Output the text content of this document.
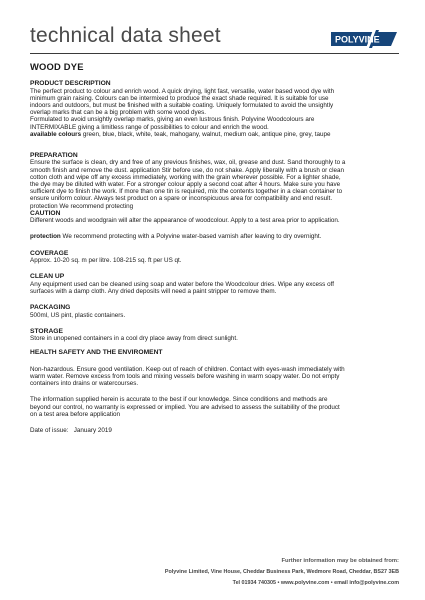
technical data sheet	POLYVINE
WOOD DYE
PRODUCT DESCRIPTION
The perfect product to colour and enrich wood. A quick drying, light fast, versatile, water based wood dye with
minimum grain raising. Colours can be intermixed to produce the exact shade required. It is suitable for use
indoors and outdoors, but must be finished with a suitable coating. Uniquely formulated to avoid the unsightly
overlap marks that can be a big problem with some wood dyes.
Formulated to avoid unsightly overlap marks, giving an even lustrous finish. Polyvine Woodcolours are
INTERMIXABLE giving a limitless range of possibilities to colour and enrich the wood.
available colours green, blue, black, white, teak, mahogany, walnut, medium oak, antique pine, grey, taupe
PREPARATION
Ensure the surface is clean, dry and free of any previous finishes, wax, oil, grease and dust. Sand thoroughly to a
smooth finish and remove the dust. application Stir before use, do not shake. Apply liberally with a brush or clean
cotton cloth and wipe off any excess immediately, working with the grain wherever possible. For a lighter shade,
the dye may be diluted with water. For a stronger colour apply a second coat after 4 hours. Make sure you have
sufficient dye to finish the work. If more than one tin is required, mix the contents together in a clean container to
ensure uniform colour. Always test product on a spare or inconspicuous area for compatibility and end result.
protection We recommend protecting
CAUTION
Different woods and woodgrain will alter the appearance of woodcolour. Apply to a test area prior to application.
protection We recommend protecting with a Polyvine water-based varnish after leaving to dry overnight.
COVERAGE
Approx. 10-20 sq. m per litre. 108-215 sq. ft per US qt.
CLEAN UP
Any equipment used can be cleaned using soap and water before the Woodcolour dries. Wipe any excess off
surfaces with a damp cloth. Any dried deposits will need a paint stripper to remove them.
PACKAGING
500ml, US pint, plastic containers.
STORAGE
Store in unopened containers in a cool dry place away from direct sunlight.
HEALTH SAFETY AND THE ENVIROMENT
Non-hazardous. Ensure good ventilation. Keep out of reach of children. Contact with eyes-wash immediately with
warm water. Remove excess from tools and mixing vessels before washing in warm soapy water. Do not empty
containers into drains or watercourses.
The information supplied herein is accurate to the best if our knowledge. Since conditions and methods are
beyond our control, no warranty is expressed or implied. You are advised to assess the suitability of the product
on a test area before application
Date of issue:   January 2019
Further information may be obtained from:
Polyvine Limited, Vine House, Cheddar Business Park, Wedmore Road, Cheddar, BS27 3EB
Tel 01934 740305 • www.polyvine.com • email info@polyvine.com
